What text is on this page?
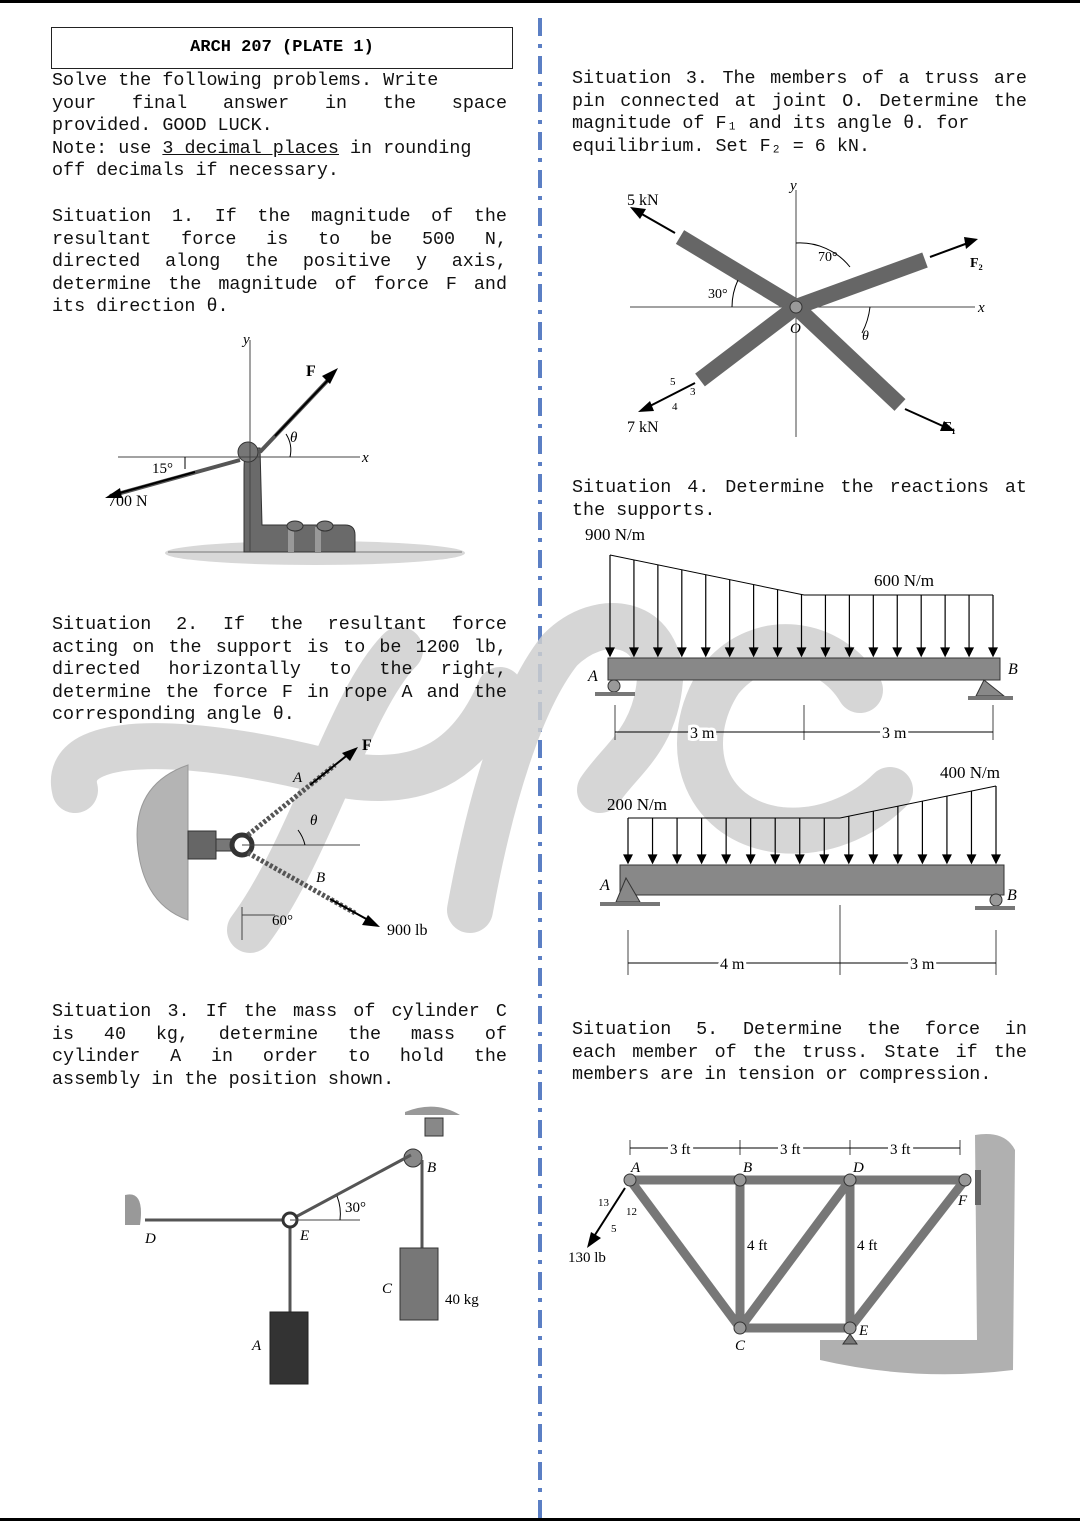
ARCH 207 (PLATE 1)
Solve the following problems. Write
your final answer in the space
provided. GOOD LUCK.
Note: use 3 decimal places in rounding
off decimals if necessary.
Situation 1. If the magnitude of the
resultant force is to be 500 N,
directed along the positive y axis,
determine the magnitude of force F and
its direction θ.
y
x
F
θ
15°
700 N
Situation 2. If the resultant force
acting on the support is to be 1200 lb,
directed horizontally to the right,
determine the force F in rope A and the
corresponding angle θ.
F
A
B
θ
60°
900 lb
Situation 3. If the mass of cylinder C
is 40 kg, determine the mass of
cylinder A in order to hold the
assembly in the position shown.
B
D	E
C
A
30°
40 kg
Situation 3. The members of a truss are
pin connected at joint O. Determine the
magnitude of F₁ and its angle θ. for
equilibrium. Set F₂ = 6 kN.
y
x
O
5 kN
7 kN
70°
30°
F₂
F₁
θ
5
3
4
Situation 4. Determine the reactions at
the supports.
900 N/m
600 N/m
A	B
3 m	3 m
200 N/m
400 N/m
A
B
4 m	3 m
Situation 5. Determine the force in
each member of the truss. State if the
members are in tension or compression.
3 ft	3 ft	3 ft
A	B	D
F
C
E
4 ft	4 ft
13
12
5
130 lb
